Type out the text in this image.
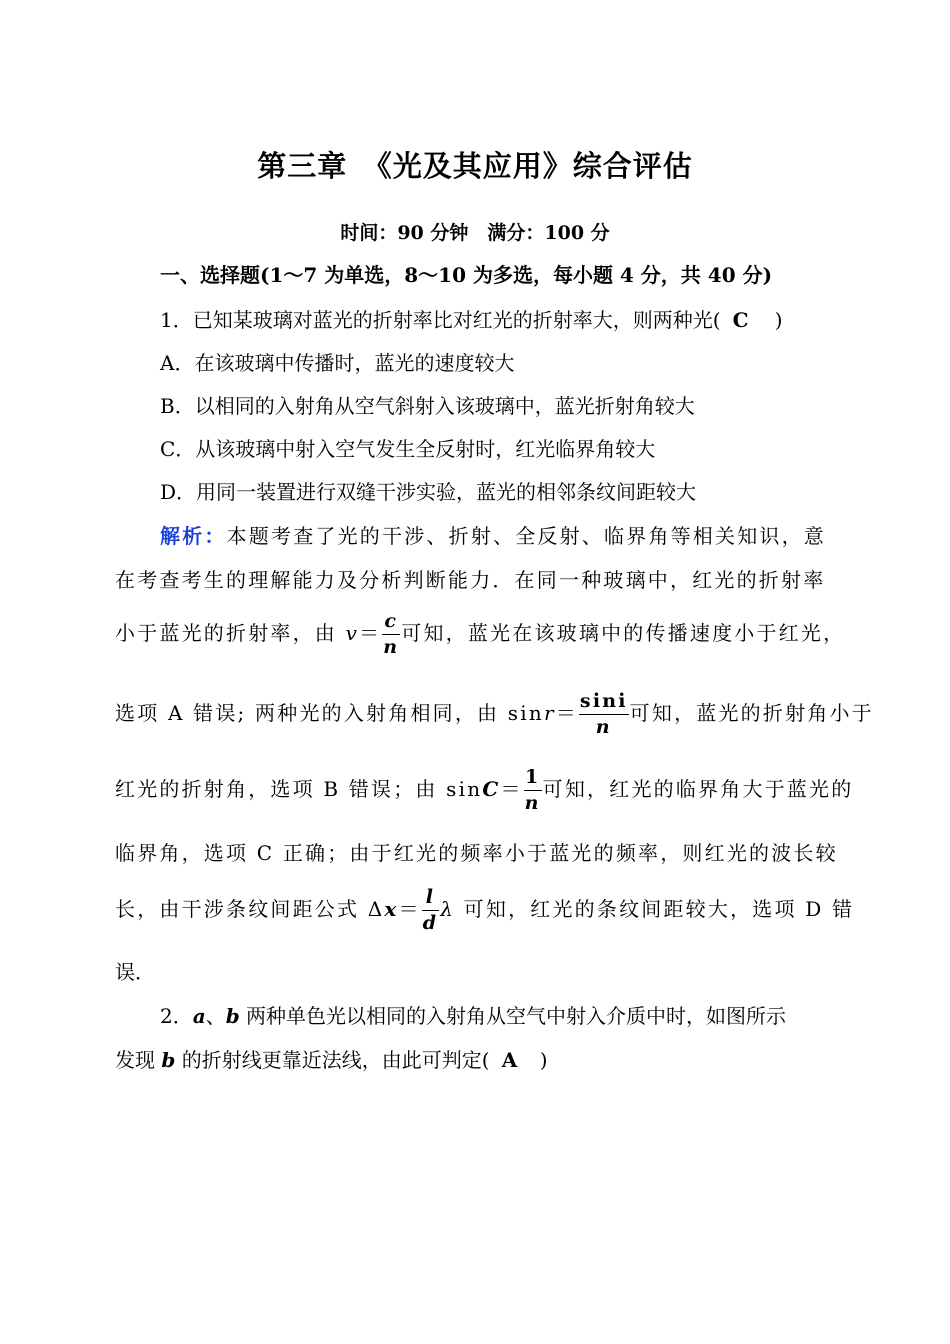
第三章　《光及其应用》综合评估
时间：90 分钟　满分：100 分
一、选择题(1～7 为单选，8～10 为多选，每小题 4 分，共 40 分)
1．已知某玻璃对蓝光的折射率比对红光的折射率大，则两种光( C )
A．在该玻璃中传播时，蓝光的速度较大
B．以相同的入射角从空气斜射入该玻璃中，蓝光折射角较大
C．从该玻璃中射入空气发生全反射时，红光临界角较大
D．用同一装置进行双缝干涉实验，蓝光的相邻条纹间距较大
解析：本题考查了光的干涉、折射、全反射、临界角等相关知识，意
在考查考生的理解能力及分析判断能力．在同一种玻璃中，红光的折射率
小于蓝光的折射率，由 $v= \frac{c}{n}$ 可知，蓝光在该玻璃中的传播速度小于红光，
选项 A 错误; 两种光的入射角相同，由 $\sin r= \frac{\sin i}{n}$ 可知，蓝光的折射角小于
红光的折射角，选项 B 错误；由 $\sin C= \frac{1}{n}$ 可知，红光的临界角大于蓝光的
临界角，选项 C 正确；由于红光的频率小于蓝光的频率，则红光的波长较
长，由干涉条纹间距公式 $\Delta x= \frac{l}{d}$ λ 可知，红光的条纹间距较大，选项 D 错
误．
2．a、b 两种单色光以相同的入射角从空气中射入介质中时，如图所示
发现 b 的折射线更靠近法线，由此可判定( A )
